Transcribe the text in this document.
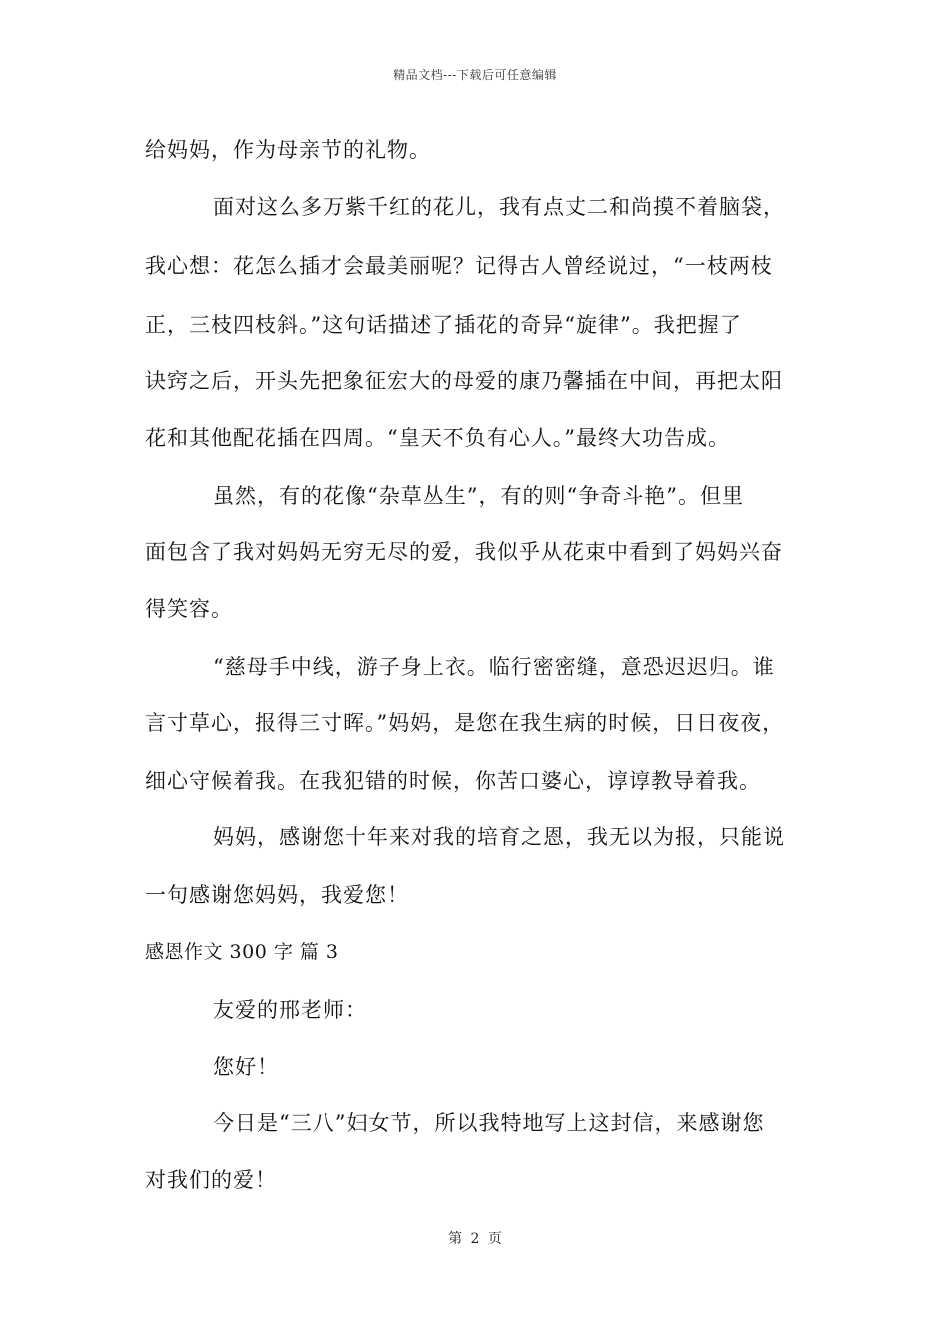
精品文档---下载后可任意编辑
给妈妈，作为母亲节的礼物。
面对这么多万紫千红的花儿，我有点丈二和尚摸不着脑袋，
我心想：花怎么插才会最美丽呢？记得古人曾经说过，“一枝两枝
正，三枝四枝斜。”这句话描述了插花的奇异“旋律”。我把握了
诀窍之后，开头先把象征宏大的母爱的康乃馨插在中间，再把太阳
花和其他配花插在四周。“皇天不负有心人。”最终大功告成。
虽然，有的花像“杂草丛生”，有的则“争奇斗艳”。但里
面包含了我对妈妈无穷无尽的爱，我似乎从花束中看到了妈妈兴奋
得笑容。
“慈母手中线，游子身上衣。临行密密缝，意恐迟迟归。谁
言寸草心，报得三寸晖。”妈妈，是您在我生病的时候，日日夜夜，
细心守候着我。在我犯错的时候，你苦口婆心，谆谆教导着我。
妈妈，感谢您十年来对我的培育之恩，我无以为报，只能说
一句感谢您妈妈，我爱您！
感恩作文 300 字 篇 3
友爱的邢老师：
您好！
今日是“三八”妇女节，所以我特地写上这封信，来感谢您
对我们的爱！
第 2 页
